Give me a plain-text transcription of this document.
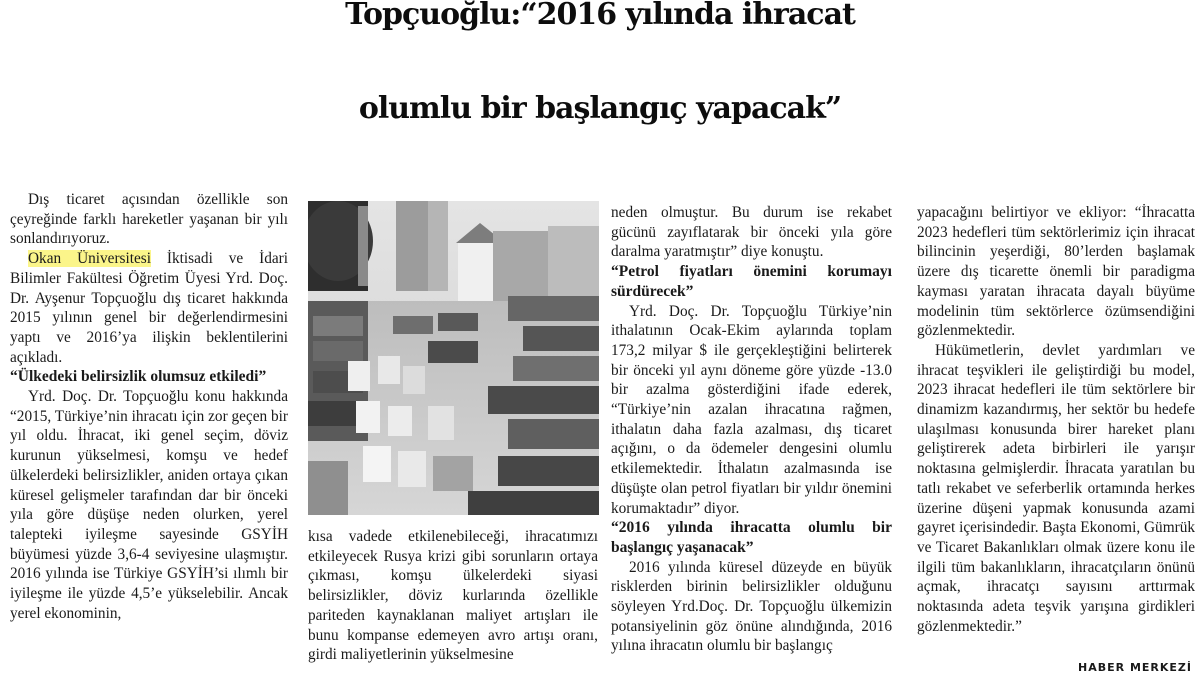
Topçuoğlu:“2016 yılında ihracat
olumlu bir başlangıç yapacak”

Dış ticaret açısından özellikle son çeyreğinde farklı hareketler yaşanan bir yılı sonlandırıyoruz.

Okan Üniversitesi İktisadi ve İdari Bilimler Fakültesi Öğretim Üyesi Yrd. Doç. Dr. Ayşenur Topçuoğlu dış ticaret hakkında 2015 yılının genel bir değerlendirmesini yaptı ve 2016’ya ilişkin beklentilerini açıkladı.

“Ülkedeki belirsizlik olumsuz etkiledi”

Yrd. Doç. Dr. Topçuoğlu konu hakkında “2015, Türkiye’nin ihracatı için zor geçen bir yıl oldu. İhracat, iki genel seçim, döviz kurunun yükselmesi, komşu ve hedef ülkelerdeki belirsizlikler, aniden ortaya çıkan küresel gelişmeler tarafından dar bir önceki yıla göre düşüşe neden olurken, yerel talepteki iyileşme sayesinde GSYİH büyümesi yüzde 3,6-4 seviyesine ulaşmıştır. 2016 yılında ise Türkiye GSYİH’si ılımlı bir iyileşme ile yüzde 4,5’e yükselebilir. Ancak yerel ekonominin,

kısa vadede etkilenebileceği, ihracatımızı etkileyecek Rusya krizi gibi sorunların ortaya çıkması, komşu ülkelerdeki siyasi belirsizlikler, döviz kurlarında özellikle pariteden kaynaklanan maliyet artışları ile bunu kompanse edemeyen avro artışı oranı, girdi maliyetlerinin yükselmesine

neden olmuştur. Bu durum ise rekabet gücünü zayıflatarak bir önceki yıla göre daralma yaratmıştır” diye konuştu.

“Petrol fiyatları önemini korumayı sürdürecek”

Yrd. Doç. Dr. Topçuoğlu Türkiye’nin ithalatının Ocak-Ekim aylarında toplam 173,2 milyar $ ile gerçekleştiğini belirterek bir önceki yıl aynı döneme göre yüzde -13.0 bir azalma gösterdiğini ifade ederek, “Türkiye’nin azalan ihracatına rağmen, ithalatın daha fazla azalması, dış ticaret açığını, o da ödemeler dengesini olumlu etkilemektedir. İthalatın azalmasında ise düşüşte olan petrol fiyatları bir yıldır önemini korumaktadır” diyor.

“2016 yılında ihracatta olumlu bir başlangıç yaşanacak”

2016 yılında küresel düzeyde en büyük risklerden birinin belirsizlikler olduğunu söyleyen Yrd.Doç. Dr. Topçuoğlu ülkemizin potansiyelinin göz önüne alındığında, 2016 yılına ihracatın olumlu bir başlangıç

yapacağını belirtiyor ve ekliyor: “İhracatta 2023 hedefleri tüm sektörlerimiz için ihracat bilincinin yeşerdiği, 80’lerden başlamak üzere dış ticarette önemli bir paradigma kayması yaratan ihracata dayalı büyüme modelinin tüm sektörlerce özümsendiğini gözlenmektedir.

Hükümetlerin, devlet yardımları ve ihracat teşvikleri ile geliştirdiği bu model, 2023 ihracat hedefleri ile tüm sektörlere bir dinamizm kazandırmış, her sektör bu hedefe ulaşılması konusunda birer hareket planı geliştirerek adeta birbirleri ile yarışır noktasına gelmişlerdir. İhracata yaratılan bu tatlı rekabet ve seferberlik ortamında herkes üzerine düşeni yapmak konusunda azami gayret içerisindedir. Başta Ekonomi, Gümrük ve Ticaret Bakanlıkları olmak üzere konu ile ilgili tüm bakanlıkların, ihracatçıların önünü açmak, ihracatçı sayısını arttırmak noktasında adeta teşvik yarışına girdikleri gözlenmektedir.”

HABER MERKEZİ
